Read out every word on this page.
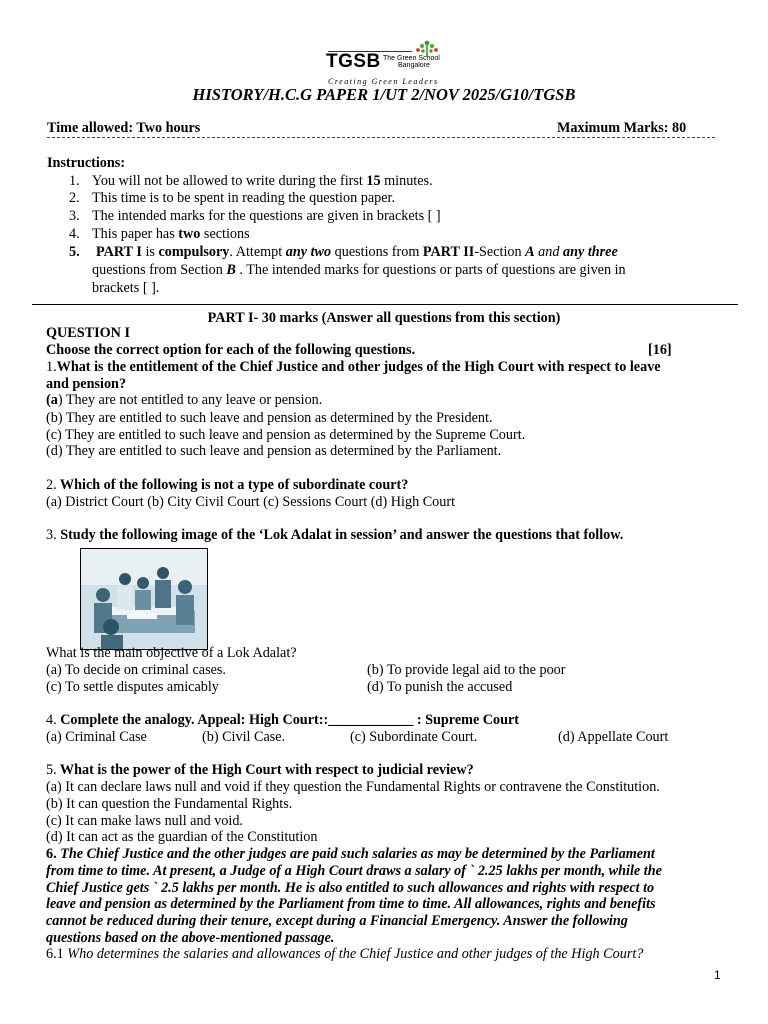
TGSB The Green School
Bangalore
Creating Green Leaders
HISTORY/H.C.G PAPER 1/UT 2/NOV 2025/G10/TGSB
Time allowed: Two hours	Maximum Marks: 80
Instructions:
1. You will not be allowed to write during the first 15 minutes.
2. This time is to be spent in reading the question paper.
3. The intended marks for the questions are given in brackets [ ]
4. This paper has two sections
5. PART I is compulsory. Attempt any two questions from PART II-Section A and any three
questions from Section B . The intended marks for questions or parts of questions are given in
brackets [ ].
PART I- 30 marks (Answer all questions from this section)
QUESTION I
Choose the correct option for each of the following questions.	[16]
1.What is the entitlement of the Chief Justice and other judges of the High Court with respect to leave
and pension?
(a) They are not entitled to any leave or pension.
(b) They are entitled to such leave and pension as determined by the President.
(c) They are entitled to such leave and pension as determined by the Supreme Court.
(d) They are entitled to such leave and pension as determined by the Parliament.
2. Which of the following is not a type of subordinate court?
(a) District Court (b) City Civil Court (c) Sessions Court (d) High Court
3. Study the following image of the ‘Lok Adalat in session’ and answer the questions that follow.
What is the main objective of a Lok Adalat?
(a) To decide on criminal cases.	(b) To provide legal aid to the poor
(c) To settle disputes amicably	(d) To punish the accused
4. Complete the analogy. Appeal: High Court::____________ : Supreme Court
(a) Criminal Case	(b) Civil Case.	(c) Subordinate Court.	(d) Appellate Court
5. What is the power of the High Court with respect to judicial review?
(a) It can declare laws null and void if they question the Fundamental Rights or contravene the Constitution.
(b) It can question the Fundamental Rights.
(c) It can make laws null and void.
(d) It can act as the guardian of the Constitution
6. The Chief Justice and the other judges are paid such salaries as may be determined by the Parliament
from time to time. At present, a Judge of a High Court draws a salary of ` 2.25 lakhs per month, while the
Chief Justice gets ` 2.5 lakhs per month. He is also entitled to such allowances and rights with respect to
leave and pension as determined by the Parliament from time to time. All allowances, rights and benefits
cannot be reduced during their tenure, except during a Financial Emergency. Answer the following
questions based on the above-mentioned passage.
6.1 Who determines the salaries and allowances of the Chief Justice and other judges of the High Court?
1
